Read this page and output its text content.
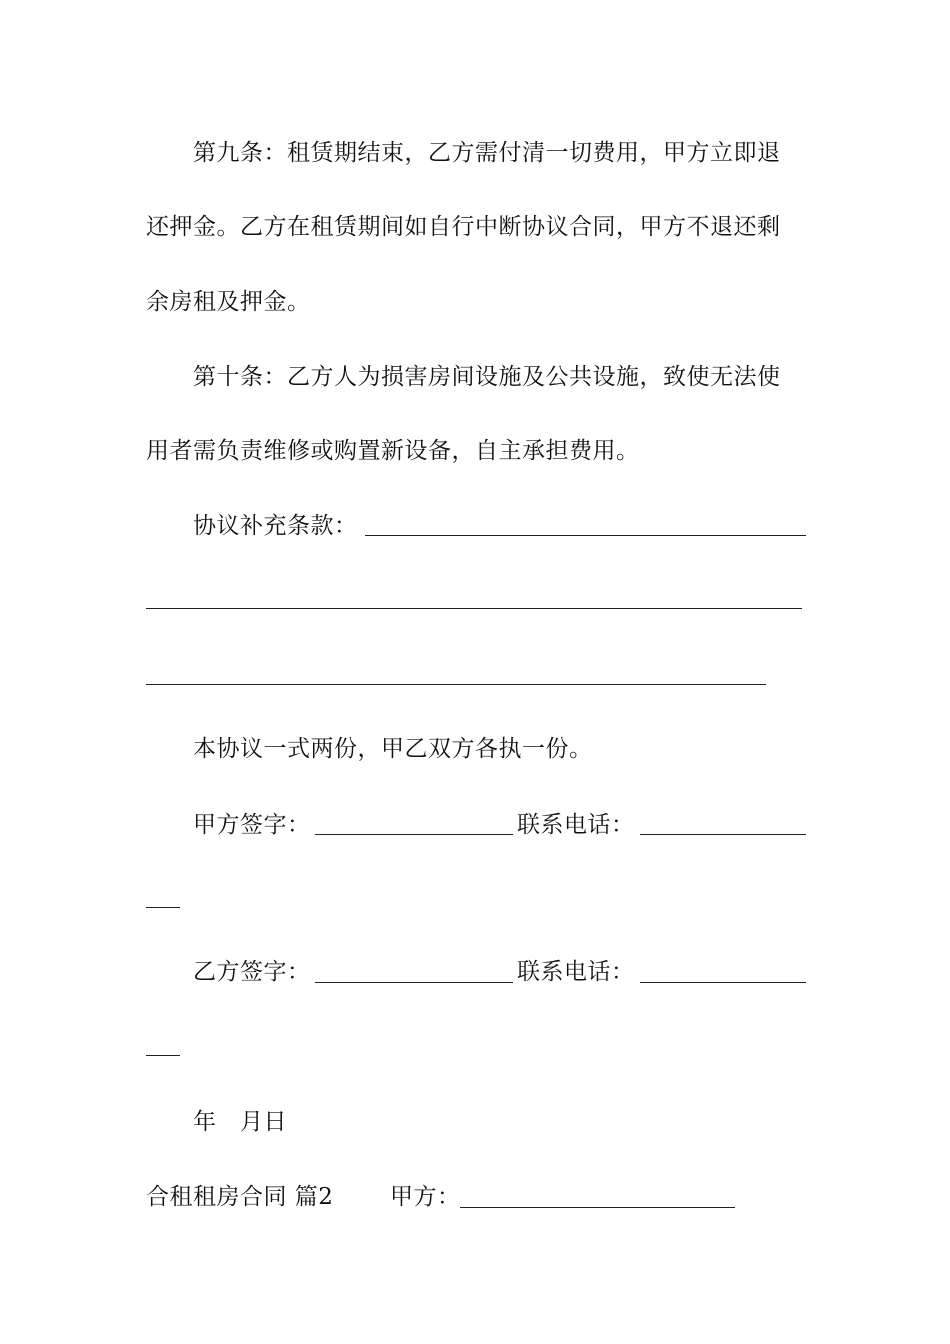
第九条：租赁期结束，乙方需付清一切费用，甲方立即退
还押金。乙方在租赁期间如自行中断协议合同，甲方不退还剩
余房租及押金。
第十条：乙方人为损害房间设施及公共设施，致使无法使
用者需负责维修或购置新设备，自主承担费用。
协议补充条款：
本协议一式两份，甲乙双方各执一份。
甲方签字：	联系电话：
乙方签字：	联系电话：
年　月日
合租租房合同 篇2 甲方：
